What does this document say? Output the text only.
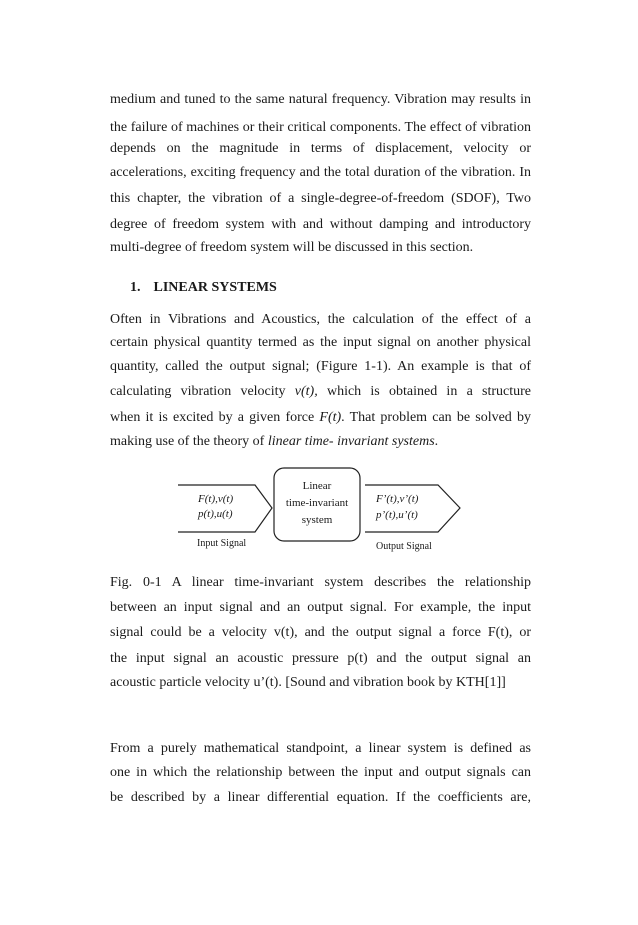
medium and tuned to the same natural frequency. Vibration may results in
the failure of machines or their critical components. The effect of vibration
depends on the magnitude in terms of displacement, velocity or
accelerations, exciting frequency and the total duration of the vibration. In
this chapter, the vibration of a single-degree-of-freedom (SDOF), Two
degree of freedom system with and without damping and introductory
multi-degree of freedom system will be discussed in this section.
1. LINEAR SYSTEMS
Often in Vibrations and Acoustics, the calculation of the effect of a
certain physical quantity termed as the input signal on another physical
quantity, called the output signal; (Figure 1-1). An example is that of
calculating vibration velocity v(t), which is obtained in a structure
when it is excited by a given force F(t). That problem can be solved by
making use of the theory of linear time- invariant systems.
F(t),v(t)
p(t),u(t)
Input Signal
Linear
time-invariant
system
F’(t),v’(t)
p’(t),u’(t)
Output Signal
Fig. 0-1 A linear time-invariant system describes the relationship
between an input signal and an output signal. For example, the input
signal could be a velocity v(t), and the output signal a force F(t), or
the input signal an acoustic pressure p(t) and the output signal an
acoustic particle velocity u’(t). [Sound and vibration book by KTH[1]]
From a purely mathematical standpoint, a linear system is defined as
one in which the relationship between the input and output signals can
be described by a linear differential equation. If the coefficients are,
